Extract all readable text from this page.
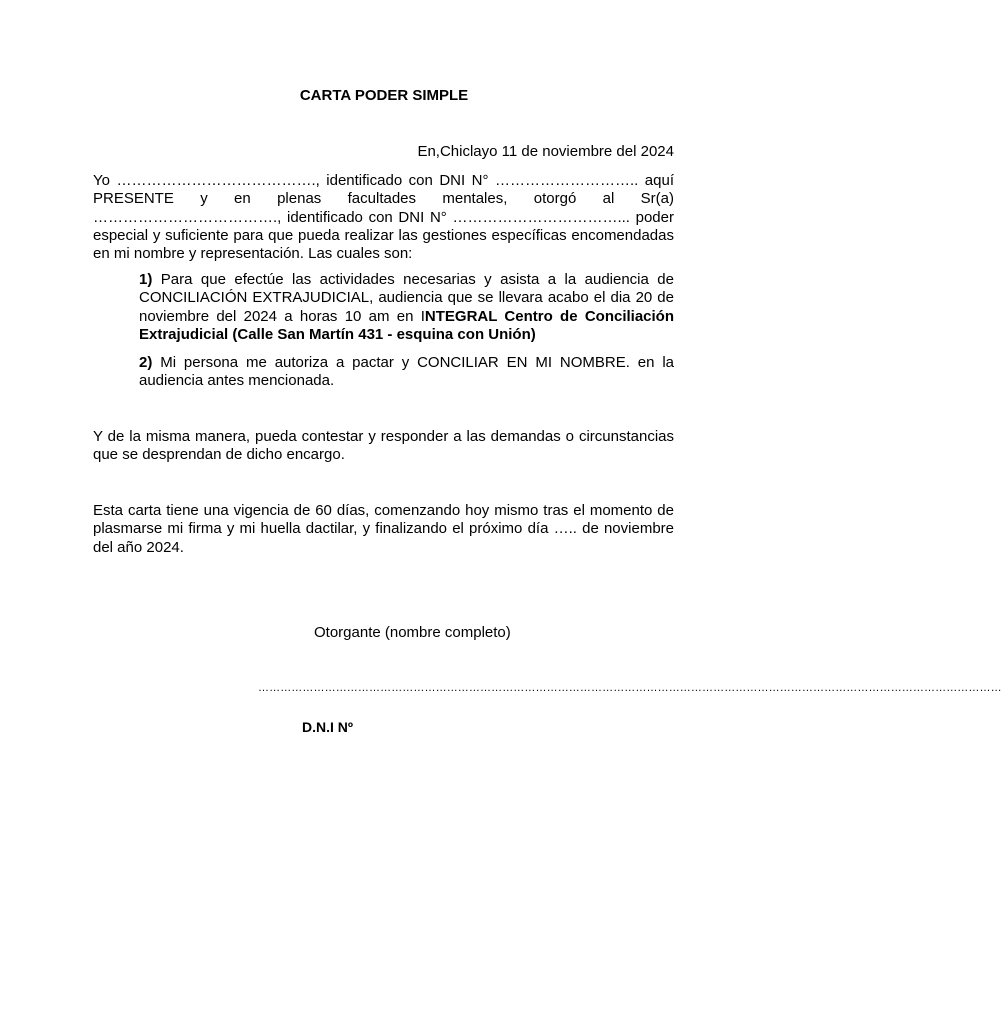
CARTA PODER SIMPLE
En,Chiclayo 11 de noviembre del 2024
Yo …………………………………., identificado con DNI N° ……………………….. aquí PRESENTE y en plenas facultades mentales, otorgó al Sr(a) ………………………………., identificado con DNI N° ……………………………... poder especial y suficiente para que pueda realizar las gestiones específicas encomendadas en mi nombre y representación. Las cuales son:
1) Para que efectúe las actividades necesarias y asista a la audiencia de CONCILIACIÓN EXTRAJUDICIAL, audiencia que se llevara acabo el dia 20 de noviembre del 2024 a horas 10 am en INTEGRAL Centro de Conciliación Extrajudicial (Calle San Martín 431 - esquina con Unión)
2) Mi persona me autoriza a pactar y CONCILIAR EN MI NOMBRE. en la audiencia antes mencionada.
Y de la misma manera, pueda contestar y responder a las demandas o circunstancias que se desprendan de dicho encargo.
Esta carta tiene una vigencia de 60 días, comenzando hoy mismo tras el momento de plasmarse mi firma y mi huella dactilar, y finalizando el próximo día ….. de noviembre del año 2024.
Otorgante (nombre completo)
…………………………………………………………………………………………………………………………………………………………………………………
D.N.I Nº
